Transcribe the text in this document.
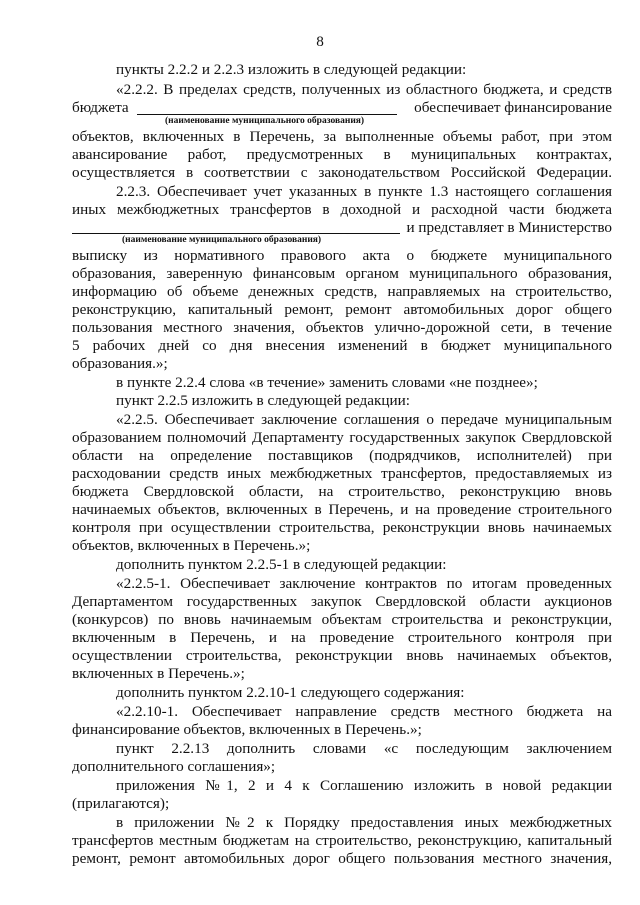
8
пункты 2.2.2 и 2.2.3 изложить в следующей редакции:
«2.2.2. В пределах средств, полученных из областного бюджета, и средств
бюджета	обеспечивает финансирование
(наименование муниципального образования)
объектов, включенных в Перечень, за выполненные объемы работ, при этом
авансирование работ, предусмотренных в муниципальных контрактах,
осуществляется в соответствии с законодательством Российской Федерации.
2.2.3. Обеспечивает учет указанных в пункте 1.3 настоящего соглашения
иных межбюджетных трансфертов в доходной и расходной части бюджета
и представляет в Министерство
(наименование муниципального образования)
выписку из нормативного правового акта о бюджете муниципального
образования, заверенную финансовым органом муниципального образования,
информацию об объеме денежных средств, направляемых на строительство,
реконструкцию, капитальный ремонт, ремонт автомобильных дорог общего
пользования местного значения, объектов улично-дорожной сети, в течение
5 рабочих дней со дня внесения изменений в бюджет муниципального
образования.»;
в пункте 2.2.4 слова «в течение» заменить словами «не позднее»;
пункт 2.2.5 изложить в следующей редакции:
«2.2.5. Обеспечивает заключение соглашения о передаче муниципальным
образованием полномочий Департаменту государственных закупок Свердловской
области на определение поставщиков (подрядчиков, исполнителей) при
расходовании средств иных межбюджетных трансфертов, предоставляемых из
бюджета Свердловской области, на строительство, реконструкцию вновь
начинаемых объектов, включенных в Перечень, и на проведение строительного
контроля при осуществлении строительства, реконструкции вновь начинаемых
объектов, включенных в Перечень.»;
дополнить пунктом 2.2.5-1 в следующей редакции:
«2.2.5-1. Обеспечивает заключение контрактов по итогам проведенных
Департаментом государственных закупок Свердловской области аукционов
(конкурсов) по вновь начинаемым объектам строительства и реконструкции,
включенным в Перечень, и на проведение строительного контроля при
осуществлении строительства, реконструкции вновь начинаемых объектов,
включенных в Перечень.»;
дополнить пунктом 2.2.10-1 следующего содержания:
«2.2.10-1. Обеспечивает направление средств местного бюджета на
финансирование объектов, включенных в Перечень.»;
пункт 2.2.13 дополнить словами «с последующим заключением
дополнительного соглашения»;
приложения №1, 2 и 4 к Соглашению изложить в новой редакции
(прилагаются);
в приложении №2 к Порядку предоставления иных межбюджетных
трансфертов местным бюджетам на строительство, реконструкцию, капитальный
ремонт, ремонт автомобильных дорог общего пользования местного значения,
